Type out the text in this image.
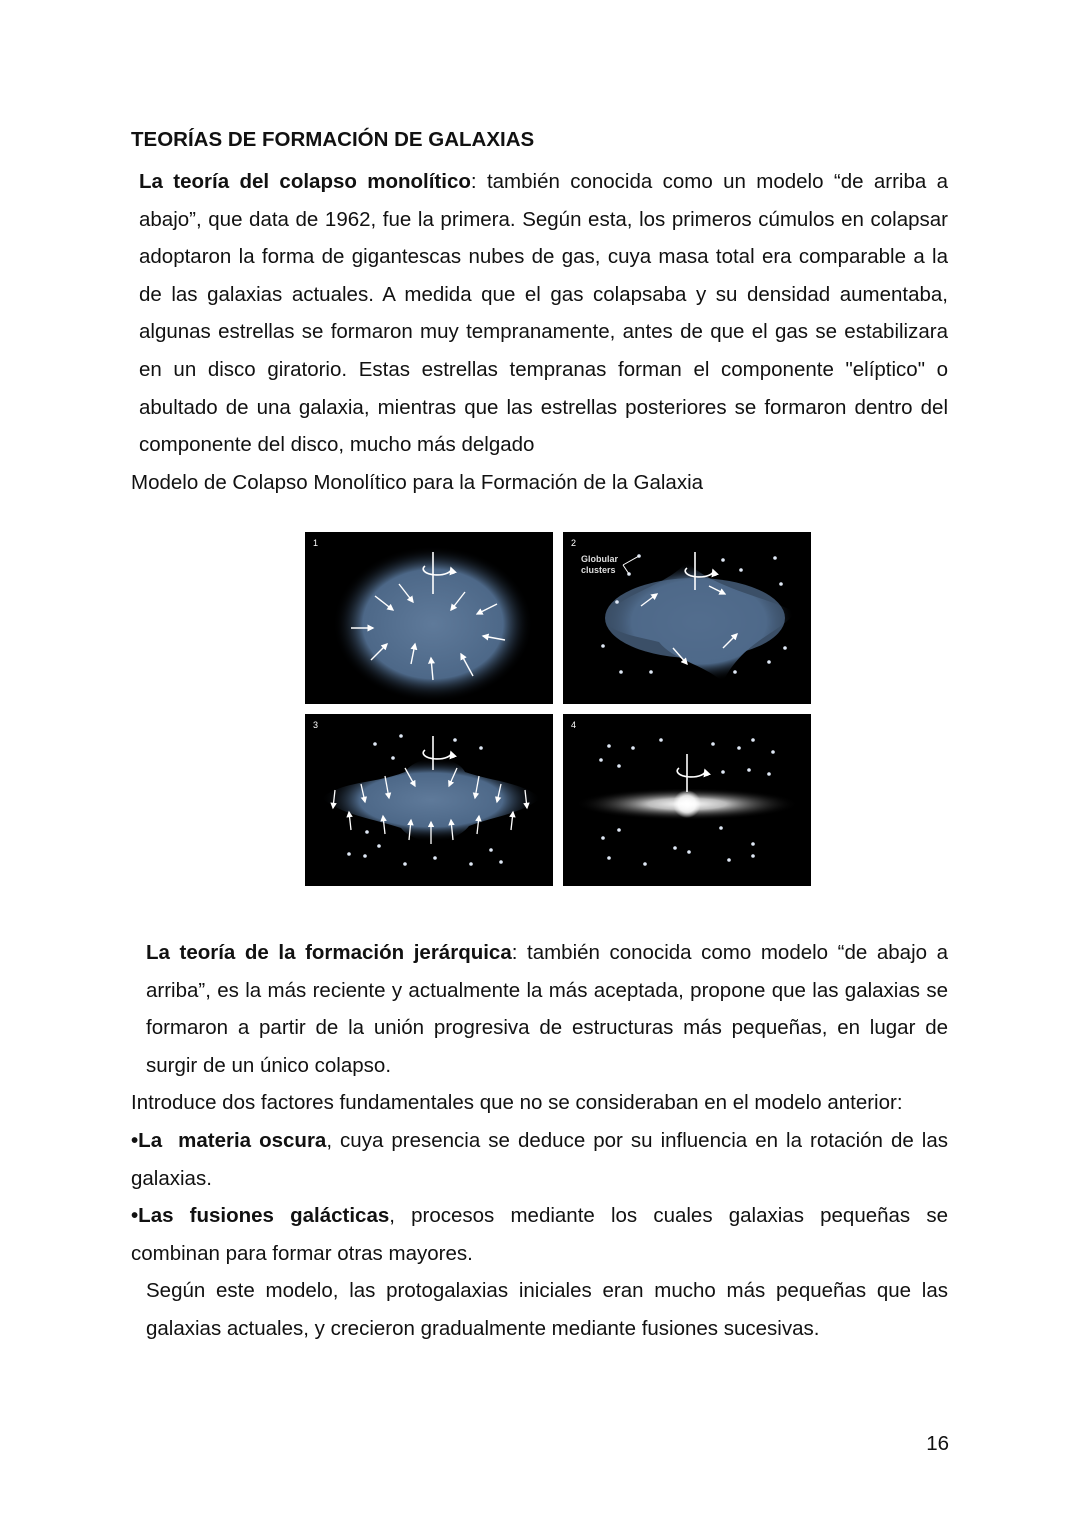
TEORÍAS DE FORMACIÓN DE GALAXIAS

La teoría del colapso monolítico: también conocida como un modelo “de arriba a abajo”, que data de 1962, fue la primera. Según esta, los primeros cúmulos en colapsar adoptaron la forma de gigantescas nubes de gas, cuya masa total era comparable a la de las galaxias actuales. A medida que el gas colapsaba y su densidad aumentaba, algunas estrellas se formaron muy tempranamente, antes de que el gas se estabilizara en un disco giratorio. Estas estrellas tempranas forman el componente "elíptico" o abultado de una galaxia, mientras que las estrellas posteriores se formaron dentro del componente del disco, mucho más delgado

Modelo de Colapso Monolítico para la Formación de la Galaxia

1	2
Globular
clusters
3	4

La teoría de la formación jerárquica: también conocida como modelo “de abajo a arriba”, es la más reciente y actualmente la más aceptada, propone que las galaxias se formaron a partir de la unión progresiva de estructuras más pequeñas, en lugar de surgir de un único colapso.

Introduce dos factores fundamentales que no se consideraban en el modelo anterior:

•La  materia oscura, cuya presencia se deduce por su influencia en la rotación de las galaxias.

•Las fusiones galácticas, procesos mediante los cuales galaxias pequeñas se combinan para formar otras mayores.

Según este modelo, las protogalaxias iniciales eran mucho más pequeñas que las galaxias actuales, y crecieron gradualmente mediante fusiones sucesivas.

16
